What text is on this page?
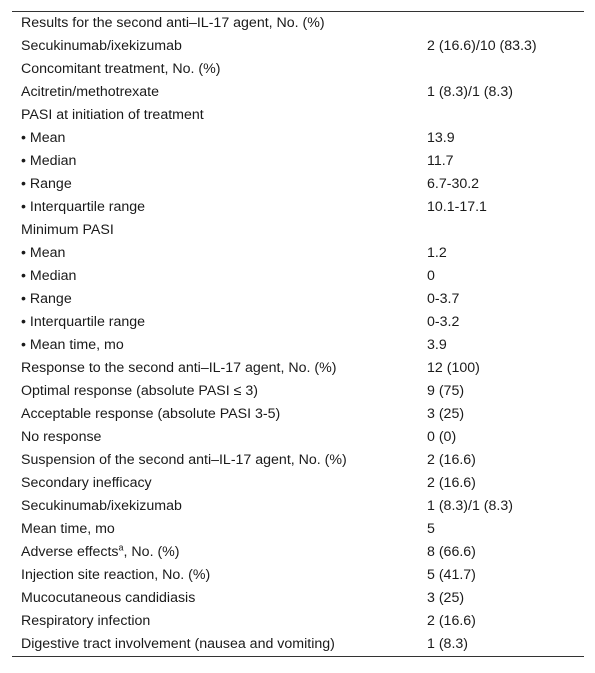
Results for the second anti–IL-17 agent, No. (%)	
Secukinumab/ixekizumab	2 (16.6)/10 (83.3)
Concomitant treatment, No. (%)	
Acitretin/methotrexate	1 (8.3)/1 (8.3)
PASI at initiation of treatment	
• Mean	13.9
• Median	11.7
• Range	6.7-30.2
• Interquartile range	10.1-17.1
Minimum PASI	
• Mean	1.2
• Median	0
• Range	0-3.7
• Interquartile range	0-3.2
• Mean time, mo	3.9
Response to the second anti–IL-17 agent, No. (%)	12 (100)
Optimal response (absolute PASI ≤ 3)	9 (75)
Acceptable response (absolute PASI 3-5)	3 (25)
No response	0 (0)
Suspension of the second anti–IL-17 agent, No. (%)	2 (16.6)
Secondary inefficacy	2 (16.6)
Secukinumab/ixekizumab	1 (8.3)/1 (8.3)
Mean time, mo	5
Adverse effects$^a$, No. (%)	8 (66.6)
Injection site reaction, No. (%)	5 (41.7)
Mucocutaneous candidiasis	3 (25)
Respiratory infection	2 (16.6)
Digestive tract involvement (nausea and vomiting)	1 (8.3)
